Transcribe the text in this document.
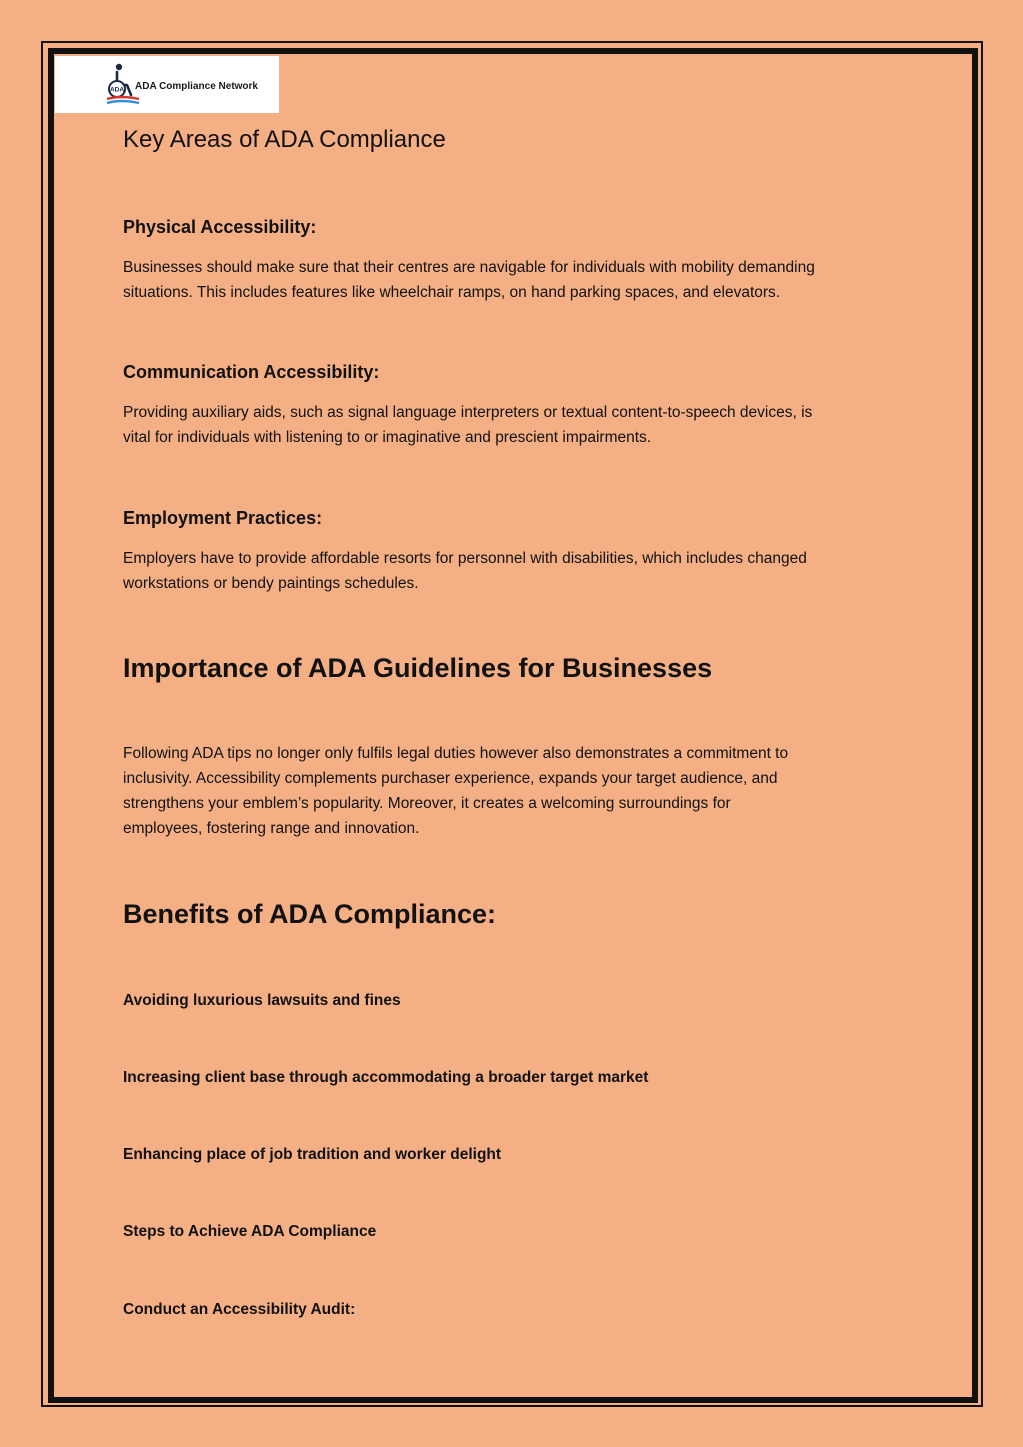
ADA ADA Compliance Network
Key Areas of ADA Compliance
Physical Accessibility:

Businesses should make sure that their centres are navigable for individuals with mobility demanding

situations. This includes features like wheelchair ramps, on hand parking spaces, and elevators.

Communication Accessibility:

Providing auxiliary aids, such as signal language interpreters or textual content-to-speech devices, is

vital for individuals with listening to or imaginative and prescient impairments.

Employment Practices:

Employers have to provide affordable resorts for personnel with disabilities, which includes changed

workstations or bendy paintings schedules.

Importance of ADA Guidelines for Businesses

Following ADA tips no longer only fulfils legal duties however also demonstrates a commitment to

inclusivity. Accessibility complements purchaser experience, expands your target audience, and

strengthens your emblem’s popularity. Moreover, it creates a welcoming surroundings for

employees, fostering range and innovation.

Benefits of ADA Compliance:

Avoiding luxurious lawsuits and fines

Increasing client base through accommodating a broader target market

Enhancing place of job tradition and worker delight

Steps to Achieve ADA Compliance

Conduct an Accessibility Audit:
